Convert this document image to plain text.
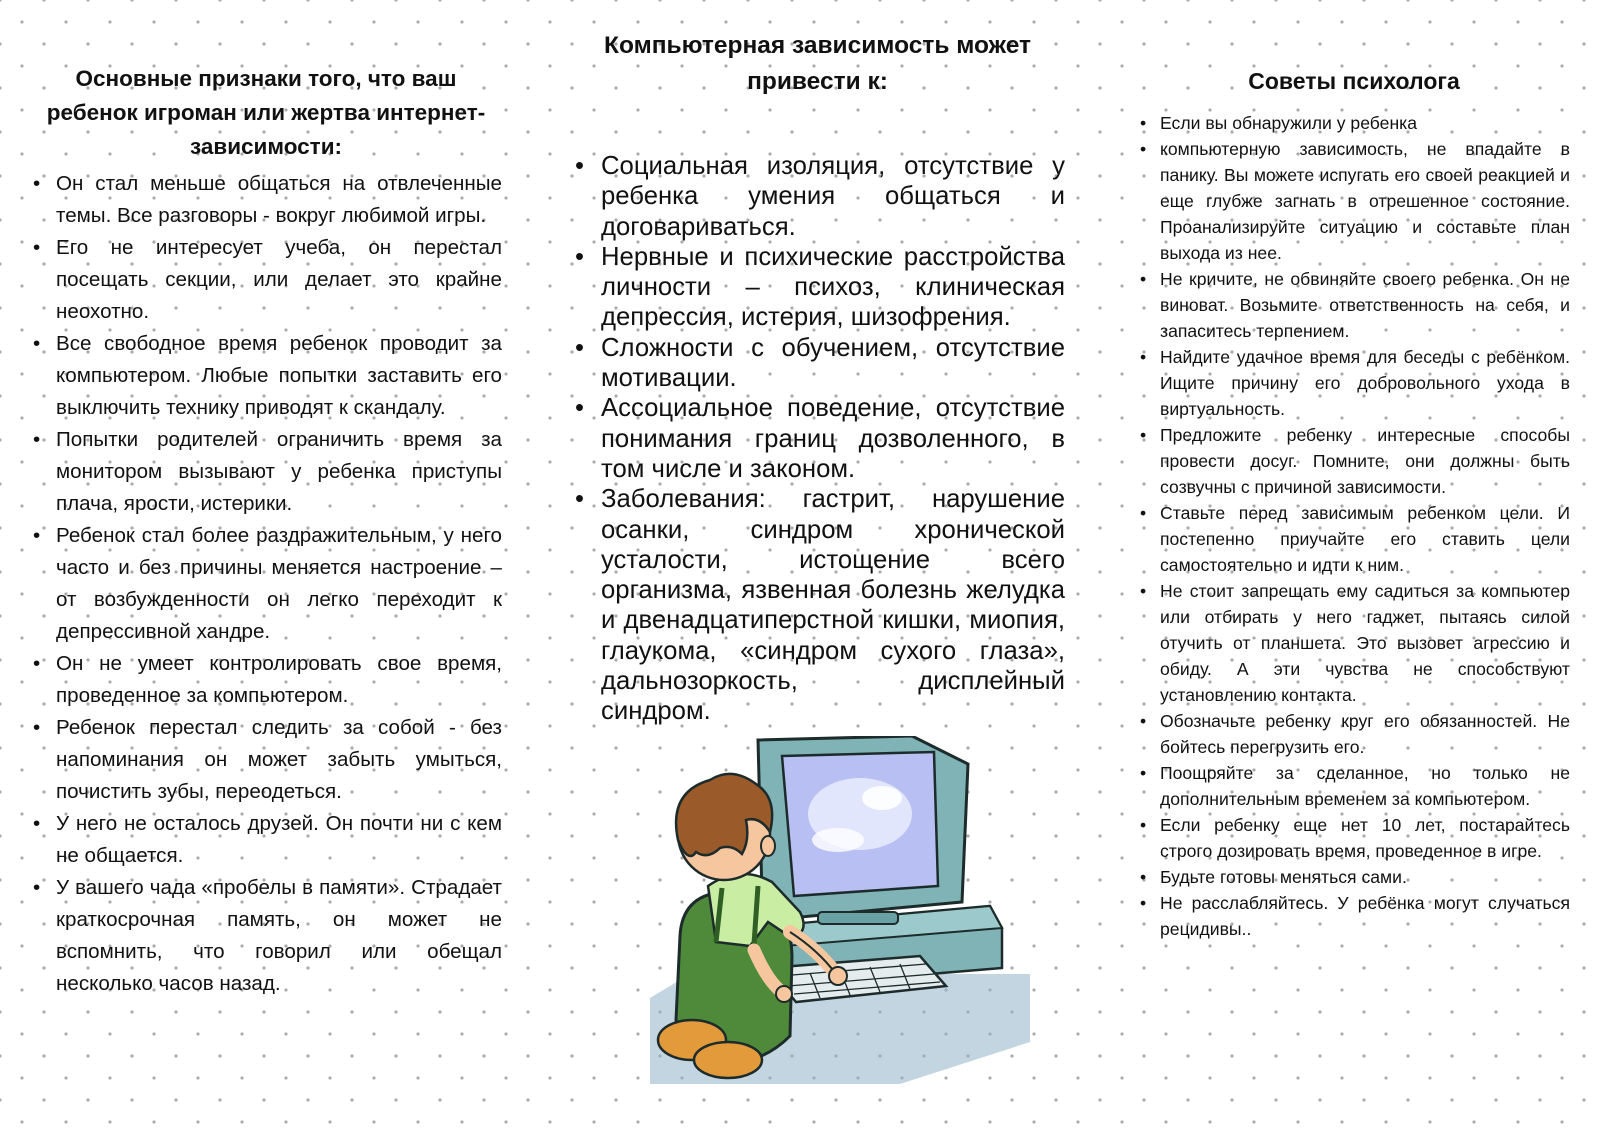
Основные признаки того, что ваш ребенок игроман или жертва интернет-зависимости:
• Он стал меньше общаться на отвлеченные темы. Все разговоры - вокруг любимой игры.
• Его не интересует учеба, он перестал посещать секции, или делает это крайне неохотно.
• Все свободное время ребенок проводит за компьютером. Любые попытки заставить его выключить технику приводят к скандалу.
• Попытки родителей ограничить время за монитором вызывают у ребенка приступы плача, ярости, истерики.
• Ребенок стал более раздражительным, у него часто и без причины меняется настроение – от возбужденности он легко переходит к депрессивной хандре.
• Он не умеет контролировать свое время, проведенное за компьютером.
• Ребенок перестал следить за собой - без напоминания он может забыть умыться, почистить зубы, переодеться.
• У него не осталось друзей. Он почти ни с кем не общается.
• У вашего чада «пробелы в памяти». Страдает краткосрочная память, он может не вспомнить, что говорил или обещал несколько часов назад.
Компьютерная зависимость может привести к:
• Социальная изоляция, отсутствие у ребенка умения общаться и договариваться.
• Нервные и психические расстройства личности – психоз, клиническая депрессия, истерия, шизофрения.
• Сложности с обучением, отсутствие мотивации.
• Ассоциальное поведение, отсутствие понимания границ дозволенного, в том числе и законом.
• Заболевания: гастрит, нарушение осанки, синдром хронической усталости, истощение всего организма, язвенная болезнь желудка и двенадцатиперстной кишки, миопия, глаукома, «синдром сухого глаза», дальнозоркость, дисплейный синдром.
Советы психолога
• Если вы обнаружили у ребенка
• компьютерную зависимость, не впадайте в панику. Вы можете испугать его своей реакцией и еще глубже загнать в отрешенное состояние. Проанализируйте ситуацию и составьте план выхода из нее.
• Не кричите, не обвиняйте своего ребенка. Он не виноват. Возьмите ответственность на себя, и запаситесь терпением.
• Найдите удачное время для беседы с ребёнком. Ищите причину его добровольного ухода в виртуальность.
• Предложите ребенку интересные способы провести досуг. Помните, они должны быть созвучны с причиной зависимости.
• Ставьте перед зависимым ребенком цели. И постепенно приучайте его ставить цели самостоятельно и идти к ним.
• Не стоит запрещать ему садиться за компьютер или отбирать у него гаджет, пытаясь силой отучить от планшета. Это вызовет агрессию и обиду. А эти чувства не способствуют установлению контакта.
• Обозначьте ребенку круг его обязанностей. Не бойтесь перегрузить его.
• Поощряйте за сделанное, но только не дополнительным временем за компьютером.
• Если ребенку еще нет 10 лет, постарайтесь строго дозировать время, проведенное в игре.
• Будьте готовы меняться сами.
• Не расслабляйтесь. У ребёнка могут случаться рецидивы..
